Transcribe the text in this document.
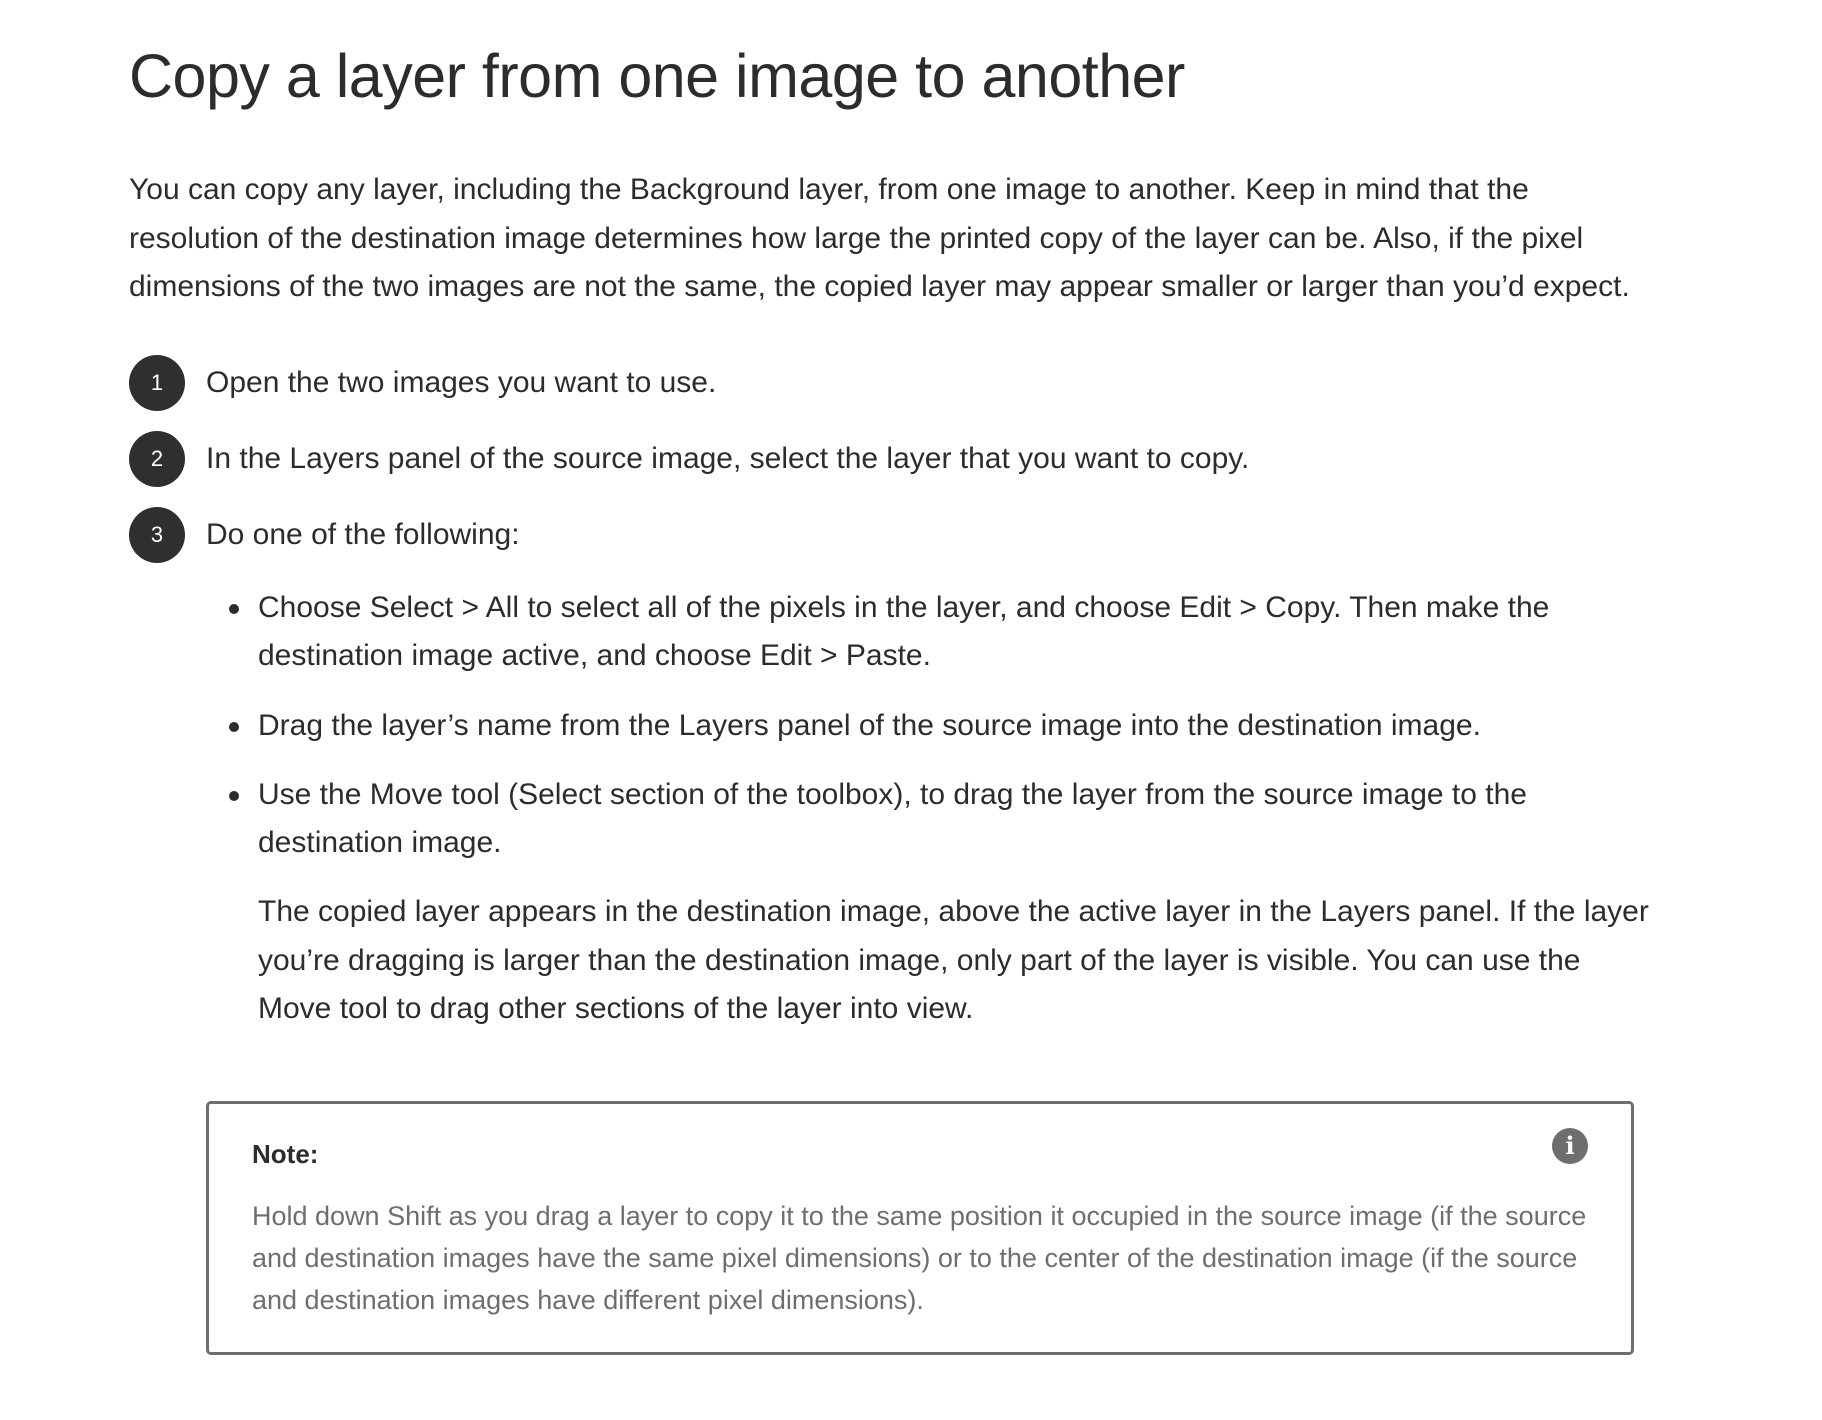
Copy a layer from one image to another

You can copy any layer, including the Background layer, from one image to another. Keep in mind that the resolution of the destination image determines how large the printed copy of the layer can be. Also, if the pixel dimensions of the two images are not the same, the copied layer may appear smaller or larger than you’d expect.

1	Open the two images you want to use.
2	In the Layers panel of the source image, select the layer that you want to copy.
3	Do one of the following:
Choose Select > All to select all of the pixels in the layer, and choose Edit > Copy. Then make the destination image active, and choose Edit > Paste.
Drag the layer’s name from the Layers panel of the source image into the destination image.
Use the Move tool (Select section of the toolbox), to drag the layer from the source image to the destination image.

The copied layer appears in the destination image, above the active layer in the Layers panel. If the layer you’re dragging is larger than the destination image, only part of the layer is visible. You can use the Move tool to drag other sections of the layer into view.

Note:	i

Hold down Shift as you drag a layer to copy it to the same position it occupied in the source image (if the source and destination images have the same pixel dimensions) or to the center of the destination image (if the source and destination images have different pixel dimensions).
